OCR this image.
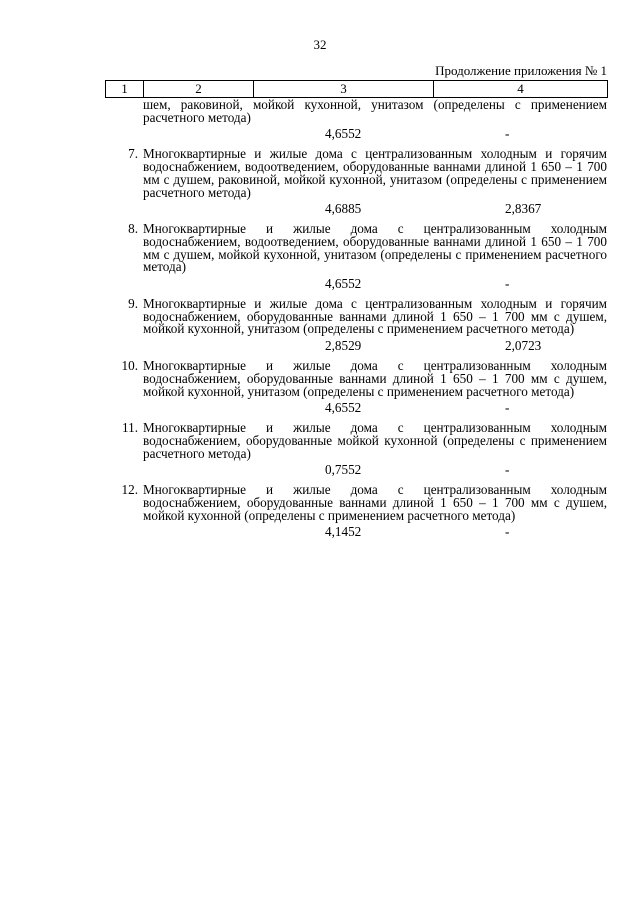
32
Продолжение приложения № 1
1	2	3	4
шем, раковиной, мойкой кухонной, унитазом (определены с применением расчетного метода)
4,6552	-
7. Многоквартирные и жилые дома с централизованным холодным и горячим водоснабжением, водоотведением, оборудованные ваннами длиной 1 650 – 1 700 мм с душем, раковиной, мойкой кухонной, унитазом (определены с применением расчетного метода)
4,6885	2,8367
8. Многоквартирные и жилые дома с централизованным холодным водоснабжением, водоотведением, оборудованные ваннами длиной 1 650 – 1 700 мм с душем, мойкой кухонной, унитазом (определены с применением расчетного метода)
4,6552	-
9. Многоквартирные и жилые дома с централизованным холодным и горячим водоснабжением, оборудованные ваннами длиной 1 650 – 1 700 мм с душем, мойкой кухонной, унитазом (определены с применением расчетного метода)
2,8529	2,0723
10. Многоквартирные и жилые дома с централизованным холодным водоснабжением, оборудованные ваннами длиной 1 650 – 1 700 мм с душем, мойкой кухонной, унитазом (определены с применением расчетного метода)
4,6552	-
11. Многоквартирные и жилые дома с централизованным холодным водоснабжением, оборудованные мойкой кухонной (определены с применением расчетного метода)
0,7552	-
12. Многоквартирные и жилые дома с централизованным холодным водоснабжением, оборудованные ваннами длиной 1 650 – 1 700 мм с душем, мойкой кухонной (определены с применением расчетного метода)
4,1452	-
